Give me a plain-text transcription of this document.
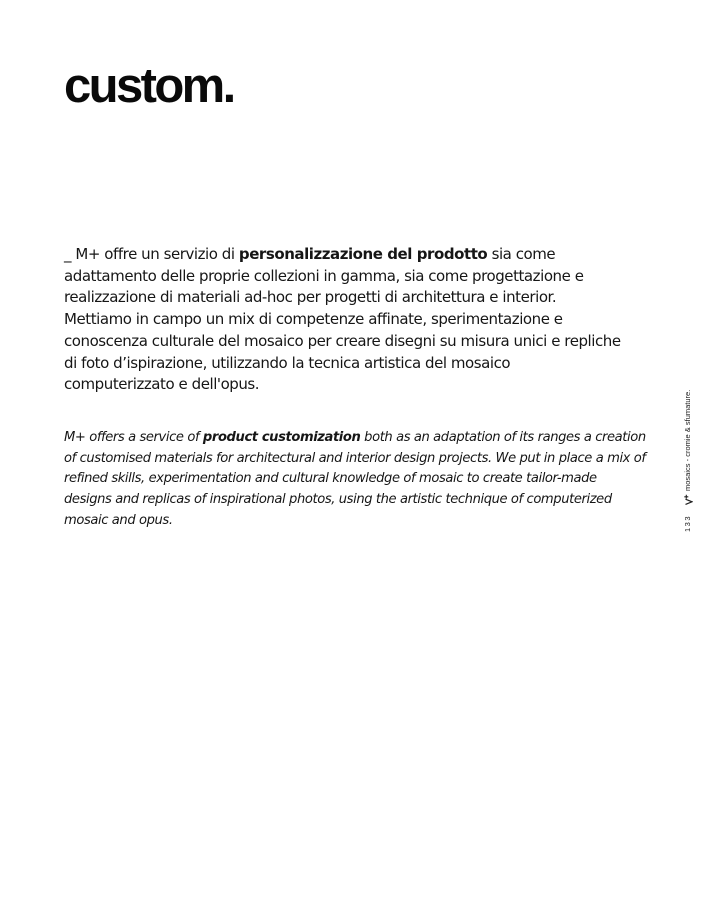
custom.

_ M+ offre un servizio di personalizzazione del prodotto sia come adattamento delle proprie collezioni in gamma, sia come progettazione e realizzazione di materiali ad-hoc per progetti di architettura e interior. Mettiamo in campo un mix di competenze affinate, sperimentazione e conoscenza culturale del mosaico per creare disegni su misura unici e repliche di foto d’ispirazione, utilizzando la tecnica artistica del mosaico computerizzato e dell'opus.

M+ offers a service of product customization both as an adaptation of its ranges a creation of customised materials for architectural and interior design projects. We put in place a mix of refined skills, experimentation and cultural knowledge of mosaic to create tailor-made designs and replicas of inspirational photos, using the artistic technique of computerized mosaic and opus.	133
mosaics
-
cromie & sfumature.
